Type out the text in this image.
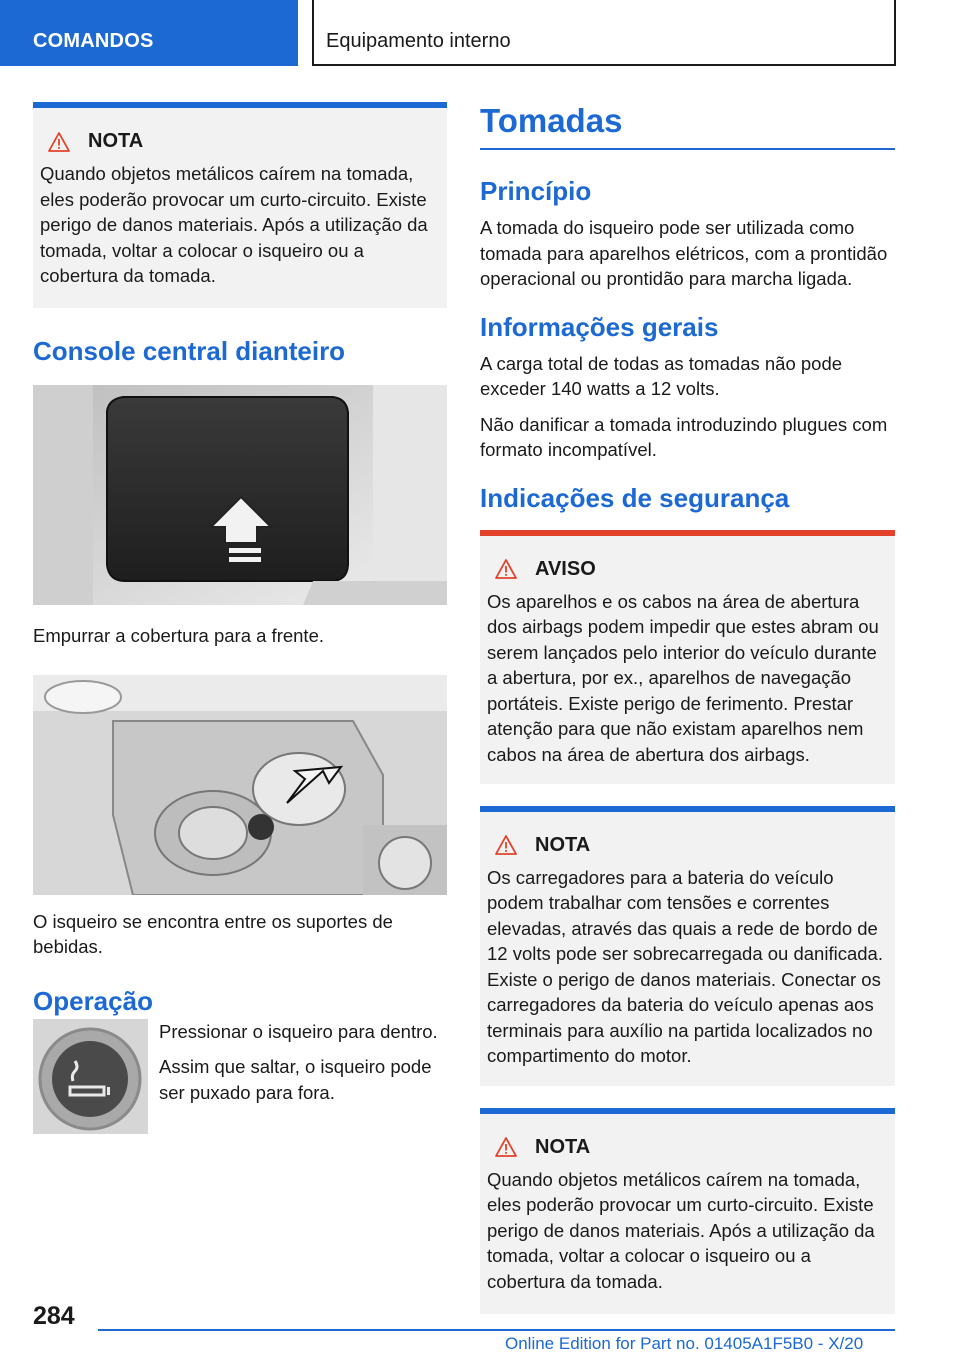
COMANDOS	Equipamento interno
NOTA

Quando objetos metálicos caírem na tomada, eles poderão provocar um curto-circuito. Existe perigo de danos materiais. Após a utilização da tomada, voltar a colocar o isqueiro ou a cobertura da tomada.

Console central dianteiro

Empurrar a cobertura para a frente.

O isqueiro se encontra entre os suportes de bebidas.

Operação

Pressionar o isqueiro para dentro.

Assim que saltar, o isqueiro pode ser puxado para fora.

Tomadas
Princípio

A tomada do isqueiro pode ser utilizada como tomada para aparelhos elétricos, com a prontidão operacional ou prontidão para marcha ligada.

Informações gerais

A carga total de todas as tomadas não pode exceder 140 watts a 12 volts.

Não danificar a tomada introduzindo plugues com formato incompatível.

Indicações de segurança
AVISO

Os aparelhos e os cabos na área de abertura dos airbags podem impedir que estes abram ou serem lançados pelo interior do veículo durante a abertura, por ex., aparelhos de navegação portáteis. Existe perigo de ferimento. Prestar atenção para que não existam aparelhos nem cabos na área de abertura dos airbags.

NOTA

Os carregadores para a bateria do veículo podem trabalhar com tensões e correntes elevadas, através das quais a rede de bordo de 12 volts pode ser sobrecarregada ou danificada. Existe o perigo de danos materiais. Conectar os carregadores da bateria do veículo apenas aos terminais para auxílio na partida localizados no compartimento do motor.

NOTA

Quando objetos metálicos caírem na tomada, eles poderão provocar um curto-circuito. Existe perigo de danos materiais. Após a utilização da tomada, voltar a colocar o isqueiro ou a cobertura da tomada.

284
Online Edition for Part no. 01405A1F5B0 - X/20
